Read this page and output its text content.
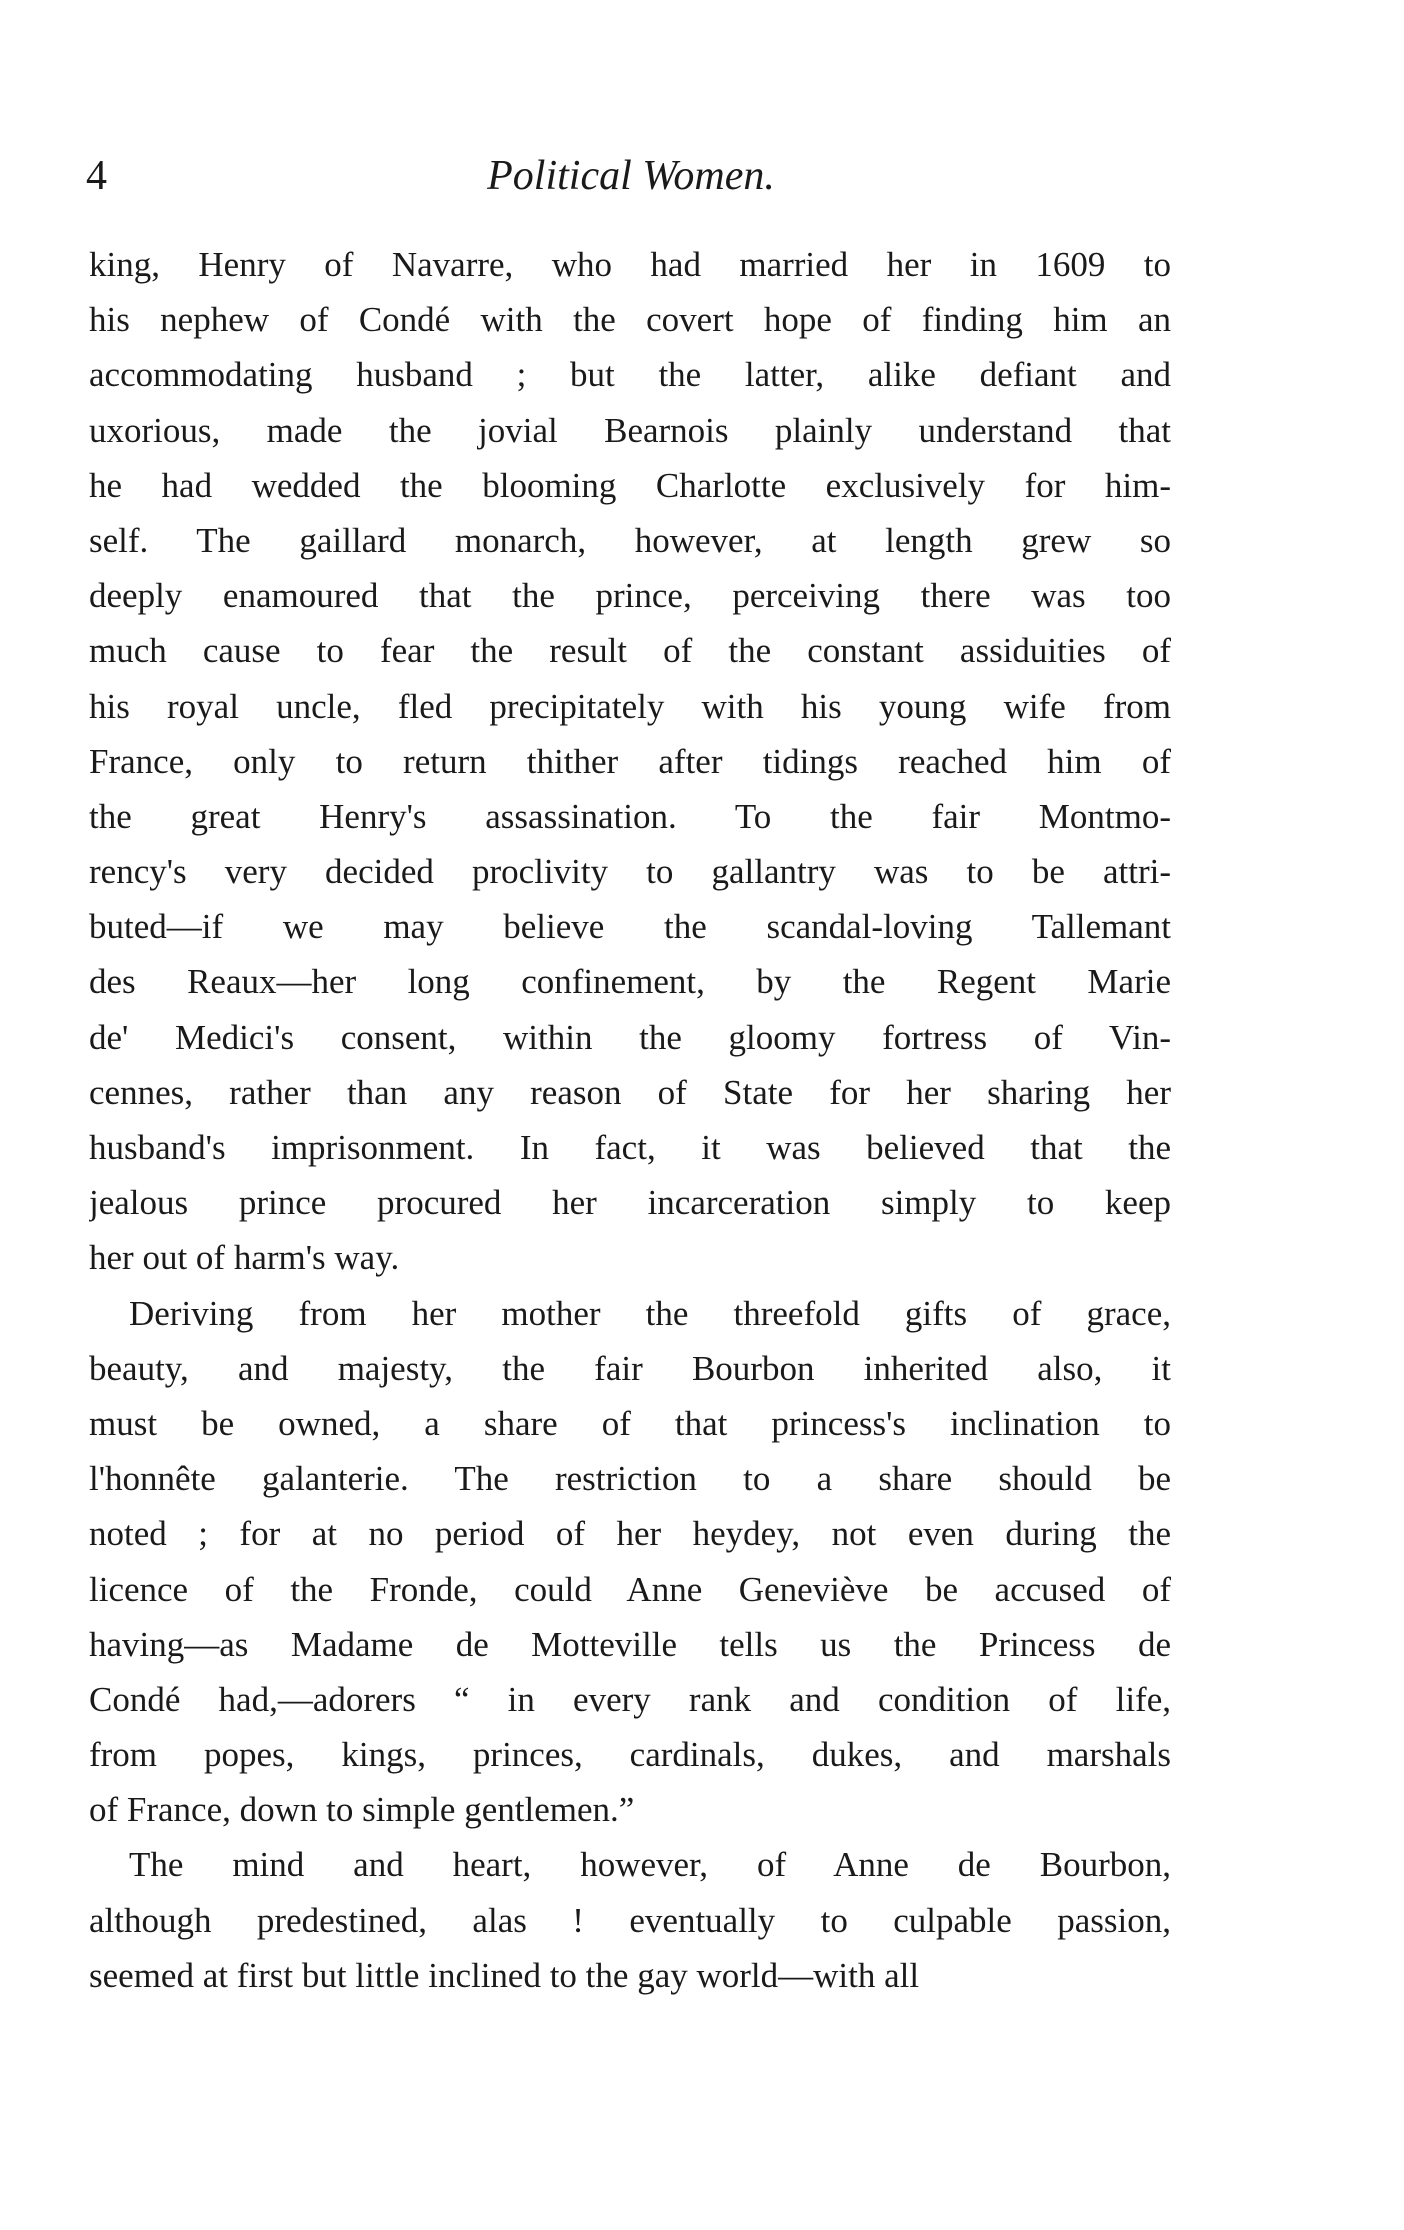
4	Political Women.
king, Henry of Navarre, who had married her in 1609 to
his nephew of Condé with the covert hope of finding him an
accommodating husband ; but the latter, alike defiant and
uxorious, made the jovial Bearnois plainly understand that
he had wedded the blooming Charlotte exclusively for him-
self. The gaillard monarch, however, at length grew so
deeply enamoured that the prince, perceiving there was too
much cause to fear the result of the constant assiduities of
his royal uncle, fled precipitately with his young wife from
France, only to return thither after tidings reached him of
the great Henry's assassination. To the fair Montmo-
rency's very decided proclivity to gallantry was to be attri-
buted—if we may believe the scandal-loving Tallemant
des Reaux—her long confinement, by the Regent Marie
de' Medici's consent, within the gloomy fortress of Vin-
cennes, rather than any reason of State for her sharing her
husband's imprisonment. In fact, it was believed that the
jealous prince procured her incarceration simply to keep
her out of harm's way.
Deriving from her mother the threefold gifts of grace,
beauty, and majesty, the fair Bourbon inherited also, it
must be owned, a share of that princess's inclination to
l'honnête galanterie. The restriction to a share should be
noted ; for at no period of her heydey, not even during the
licence of the Fronde, could Anne Geneviève be accused of
having—as Madame de Motteville tells us the Princess de
Condé had,—adorers “ in every rank and condition of life,
from popes, kings, princes, cardinals, dukes, and marshals
of France, down to simple gentlemen.”
The mind and heart, however, of Anne de Bourbon,
although predestined, alas ! eventually to culpable passion,
seemed at first but little inclined to the gay world—with all
